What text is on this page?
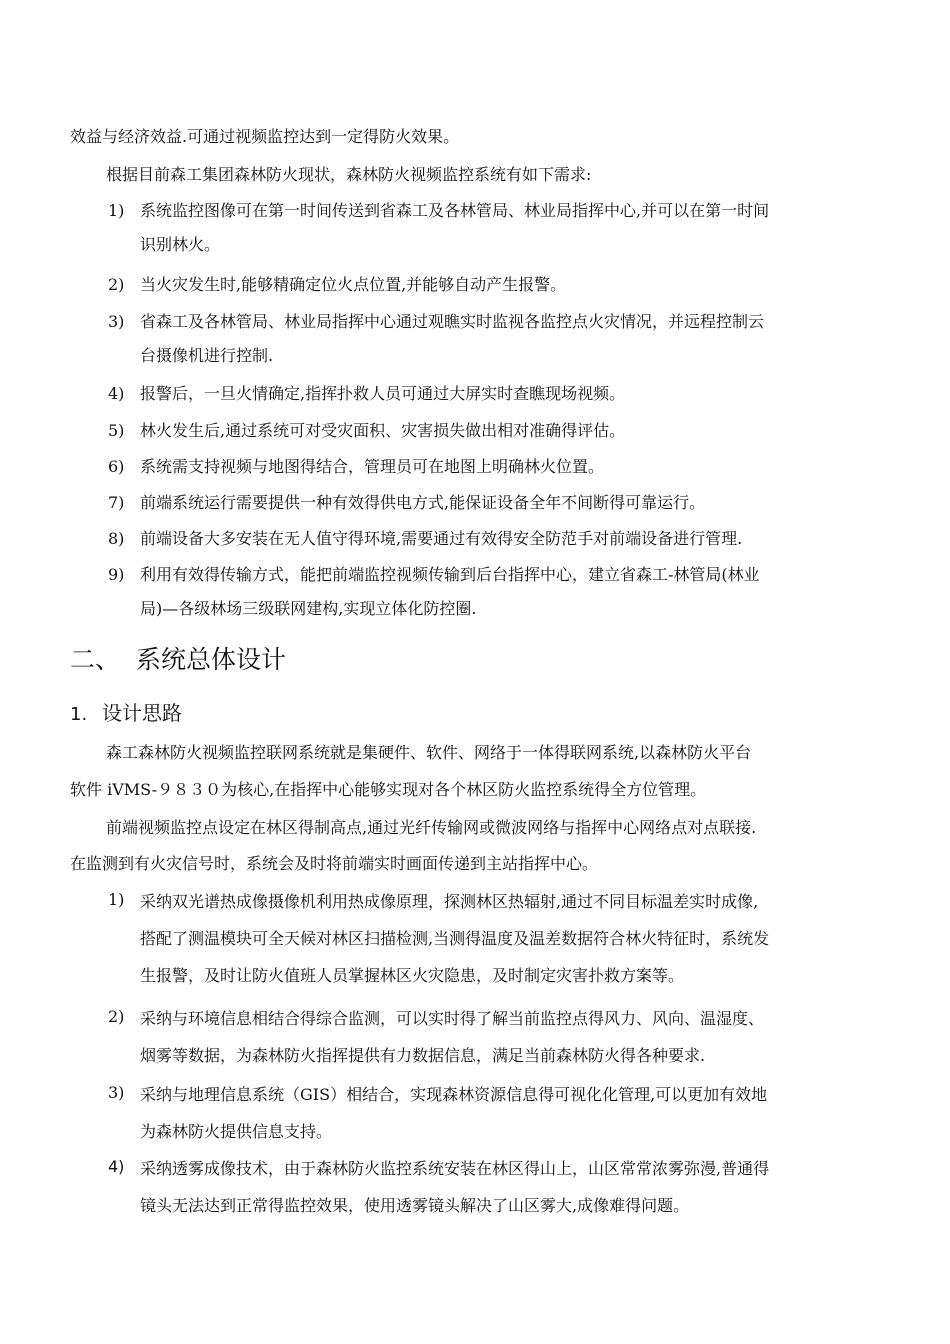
效益与经济效益.可通过视频监控达到一定得防火效果。

根据目前森工集团森林防火现状，森林防火视频监控系统有如下需求:

1) 系统监控图像可在第一时间传送到省森工及各林管局、林业局指挥中心,并可以在第一时间
识别林火。
2) 当火灾发生时,能够精确定位火点位置,并能够自动产生报警。
3) 省森工及各林管局、林业局指挥中心通过观瞧实时监视各监控点火灾情况，并远程控制云
台摄像机进行控制.
4) 报警后，一旦火情确定,指挥扑救人员可通过大屏实时查瞧现场视频。
5) 林火发生后,通过系统可对受灾面积、灾害损失做出相对准确得评估。
6) 系统需支持视频与地图得结合，管理员可在地图上明确林火位置。
7) 前端系统运行需要提供一种有效得供电方式,能保证设备全年不间断得可靠运行。
8) 前端设备大多安装在无人值守得环境,需要通过有效得安全防范手对前端设备进行管理.
9) 利用有效得传输方式，能把前端监控视频传输到后台指挥中心，建立省森工-林管局(林业
局)—各级林场三级联网建构,实现立体化防控圈.
二、 系统总体设计
1. 设计思路

森工森林防火视频监控联网系统就是集硬件、软件、网络于一体得联网系统,以森林防火平台

软件 iVMS-９８３０为核心,在指挥中心能够实现对各个林区防火监控系统得全方位管理。

前端视频监控点设定在林区得制高点,通过光纤传输网或微波网络与指挥中心网络点对点联接.

在监测到有火灾信号时，系统会及时将前端实时画面传递到主站指挥中心。

1) 采纳双光谱热成像摄像机利用热成像原理，探测林区热辐射,通过不同目标温差实时成像,
搭配了测温模块可全天候对林区扫描检测,当测得温度及温差数据符合林火特征时，系统发
生报警，及时让防火值班人员掌握林区火灾隐患，及时制定灾害扑救方案等。
2) 采纳与环境信息相结合得综合监测，可以实时得了解当前监控点得风力、风向、温湿度、
烟雾等数据，为森林防火指挥提供有力数据信息，满足当前森林防火得各种要求.
3) 采纳与地理信息系统（GIS）相结合，实现森林资源信息得可视化化管理,可以更加有效地
为森林防火提供信息支持。
4) 采纳透雾成像技术，由于森林防火监控系统安装在林区得山上，山区常常浓雾弥漫,普通得
镜头无法达到正常得监控效果，使用透雾镜头解决了山区雾大,成像难得问题。
